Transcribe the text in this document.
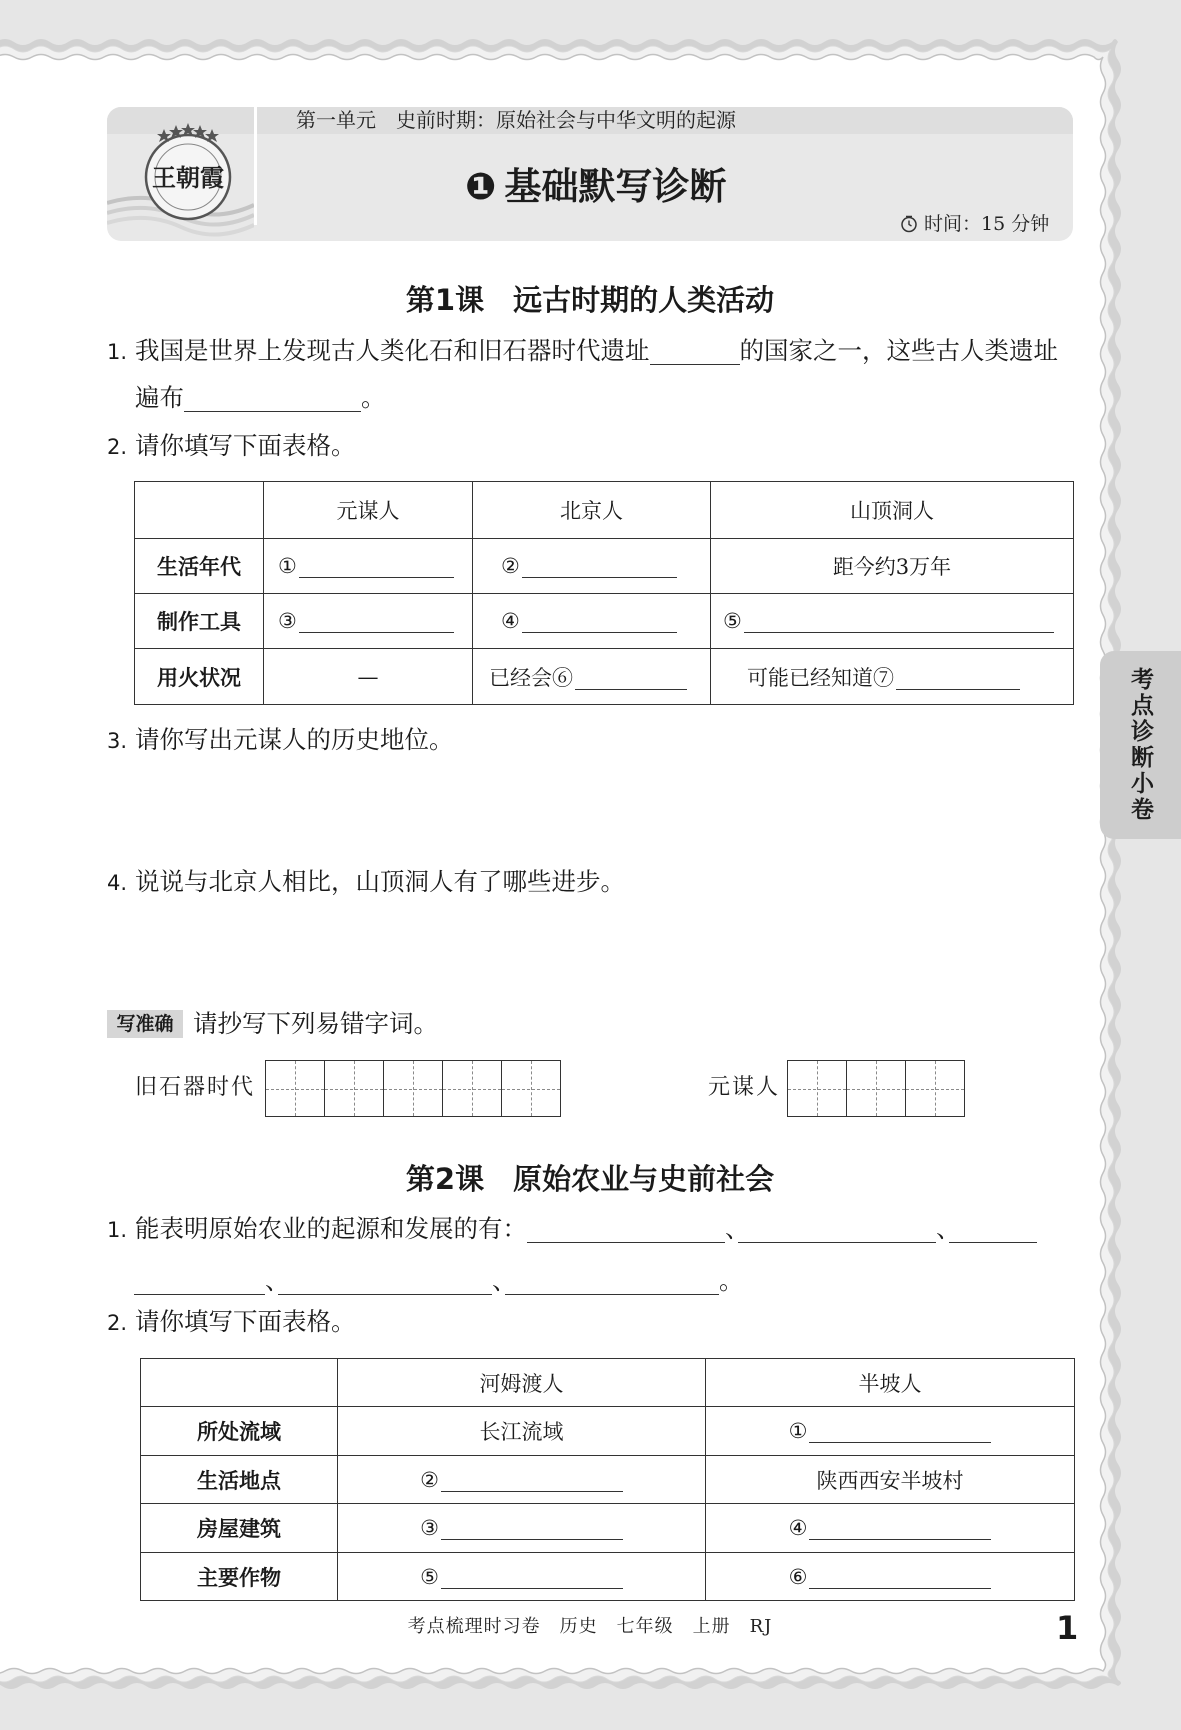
王朝霞
第一单元　史前时期：原始社会与中华文明的起源
❶ 基础默写诊断
时间：15 分钟
考点诊断小卷
第1课　远古时期的人类活动
1. 我国是世界上发现古人类化石和旧石器时代遗址	的国家之一，这些古人类遗址
遍布	。
2. 请你填写下面表格。
	元谋人	北京人	山顶洞人
生活年代	①	②	距今约3万年
制作工具	③	④	⑤
用火状况	—	已经会⑥	可能已经知道⑦
3. 请你写出元谋人的历史地位。
4. 说说与北京人相比，山顶洞人有了哪些进步。
写准确 请抄写下列易错字词。
旧石器时代	元谋人
第2课　原始农业与史前社会
1. 能表明原始农业的起源和发展的有：	、	、
、	、	。
2. 请你填写下面表格。
	河姆渡人	半坡人
所处流域	长江流域	①
生活地点	②	陕西西安半坡村
房屋建筑	③	④
主要作物	⑤	⑥
考点梳理时习卷　历史　七年级　上册　RJ	1
